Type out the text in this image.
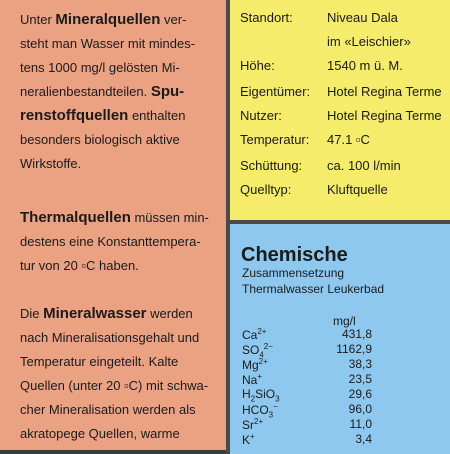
Unter Mineralquellen ver-
steht man Wasser mit mindes-
tens 1000 mg/l gelösten Mi-
neralienbestandteilen. Spu-
renstoffquellen enthalten
besonders biologisch aktive
Wirkstoffe.
Thermalquellen müssen min-
destens eine Konstanttempera-
tur von 20 ▫C haben.
Die Mineralwasser werden
nach Mineralisationsgehalt und
Temperatur eingeteilt. Kalte
Quellen (unter 20 ▫C) mit schwa-
cher Mineralisation werden als
akratopege Quellen, warme
Standort:	Niveau Dala
im «Leischier»
Höhe:	1540 m ü. M.
Eigentümer: Hotel Regina Terme
Nutzer:	Hotel Regina Terme
Temperatur: 47.1 ▫C
Schüttung: ca. 100 l/min
Quelltyp:	Kluftquelle
Chemische
Zusammensetzung
Thermalwasser Leukerbad
mg/l
$Ca^{2+}$	431,8
$SO_4^{2-}$	1162,9
$Mg^{2+}$	38,3
Na+	23,5
$H_2SiO_3$	29,6
$HCO_3^-$	96,0
$Sr^{2+}$	11,0
K+	3,4
